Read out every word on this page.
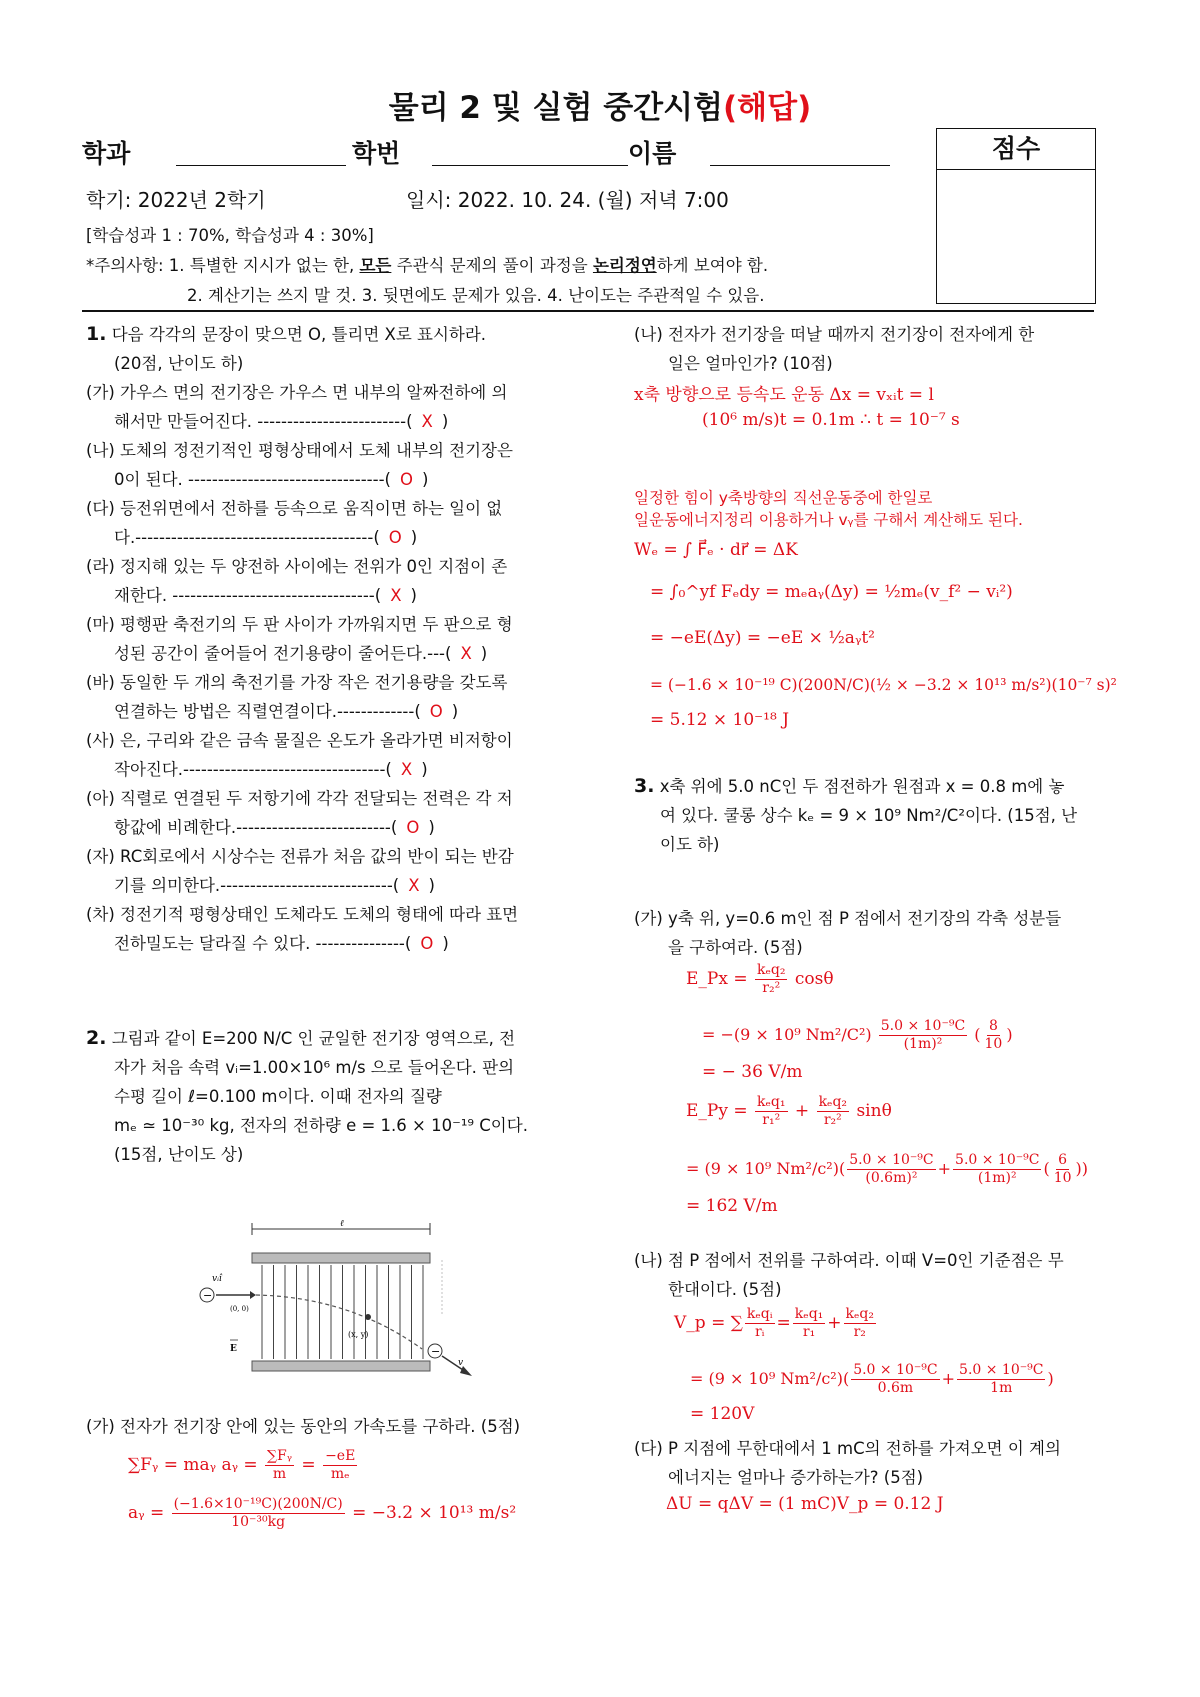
물리 2 및 실험 중간시험(해답)
학과	학번	이름	점수
학기: 2022년 2학기	일시: 2022. 10. 24. (월) 저녁 7:00
[학습성과 1 : 70%, 학습성과 4 : 30%]
*주의사항: 1. 특별한 지시가 없는 한, 모든 주관식 문제의 풀이 과정을 논리정연하게 보여야 함.
2. 계산기는 쓰지 말 것. 3. 뒷면에도 문제가 있음. 4. 난이도는 주관적일 수 있음.
1. 다음 각각의 문장이 맞으면 O, 틀리면 X로 표시하라.
(20점, 난이도 하)
(가) 가우스 면의 전기장은 가우스 면 내부의 알짜전하에 의
해서만 만들어진다. -------------------------( X )
(나) 도체의 정전기적인 평형상태에서 도체 내부의 전기장은
0이 된다. ---------------------------------( O )
(다) 등전위면에서 전하를 등속으로 움직이면 하는 일이 없
다.----------------------------------------( O )
(라) 정지해 있는 두 양전하 사이에는 전위가 0인 지점이 존
재한다. ----------------------------------( X )
(마) 평행판 축전기의 두 판 사이가 가까워지면 두 판으로 형
성된 공간이 줄어들어 전기용량이 줄어든다.---( X )
(바) 동일한 두 개의 축전기를 가장 작은 전기용량을 갖도록
연결하는 방법은 직렬연결이다.-------------( O )
(사) 은, 구리와 같은 금속 물질은 온도가 올라가면 비저항이
작아진다.----------------------------------( X )
(아) 직렬로 연결된 두 저항기에 각각 전달되는 전력은 각 저
항값에 비례한다.--------------------------( O )
(자) RC회로에서 시상수는 전류가 처음 값의 반이 되는 반감
기를 의미한다.-----------------------------( X )
(차) 정전기적 평형상태인 도체라도 도체의 형태에 따라 표면
전하밀도는 달라질 수 있다. ---------------( O )
2. 그림과 같이 E=200 N/C 인 균일한 전기장 영역으로, 전
자가 처음 속력 vᵢ=1.00×10⁶ m/s 으로 들어온다. 판의
수평 길이 ℓ=0.100 m이다. 이때 전자의 질량
mₑ ≃ 10⁻³⁰ kg, 전자의 전하량 e = 1.6 × 10⁻¹⁹ C이다.
(15점, 난이도 상)
ℓ
−
vᵢî
(0, 0)
(x, y)
−
v
E
(가) 전자가 전기장 안에 있는 동안의 가속도를 구하라. (5점)
∑Fᵧ = maᵧ aᵧ = $\frac{\text{∑Fᵧ}}{m} = \frac{-eE}{\text{mₑ}}$
aᵧ = $\frac{\text{(−1.6×10⁻¹⁹C)(200N/C)}}{\text{10⁻³⁰kg}} = -3.2 \times 10^{13}$ m/s²
(나) 전자가 전기장을 떠날 때까지 전기장이 전자에게 한
일은 얼마인가? (10점)
x축 방향으로 등속도 운동 Δx = vₓᵢt = l
(10⁶ m/s)t = 0.1m ∴ t = 10⁻⁷ s
일정한 힘이 y축방향의 직선운동중에 한일로
일운동에너지정리 이용하거나 vᵧ를 구해서 계산해도 된다.
Wₑ = ∫ F⃗ₑ · dr⃗ = ΔK
= ∫₀^yf Fₑdy = mₑaᵧ(Δy) = ½mₑ(v_f² − vᵢ²)
= −eE(Δy) = −eE × ½aᵧt²
= (−1.6 × 10⁻¹⁹ C)(200N/C)(½ × −3.2 × 10¹³ m/s²)(10⁻⁷ s)²
= 5.12 × 10⁻¹⁸ J
3. x축 위에 5.0 nC인 두 점전하가 원점과 x = 0.8 m에 놓
여 있다. 쿨롱 상수 kₑ = 9 × 10⁹ Nm²/C²이다. (15점, 난
이도 하)
(가) y축 위, y=0.6 m인 점 P 점에서 전기장의 각축 성분들
을 구하여라. (5점)
E_Px = $\frac{\text{kₑq₂}}{\text{r₂²}}$ cosθ
= −(9 × 10⁹ $Nm^2/C^2) \frac{\text{5.0 × 10⁻⁹C}}{\text{(1m)²}}$ ( $\frac{8}{10}$ )
= − 36 V/m
E_Py = $\frac{\text{kₑq₁}}{\text{r₁²}} + \frac{\text{kₑq₂}}{\text{r₂²}}$ sinθ
= (9 × 10⁹ $Nm^2/c^2)( \frac{\text{5.0 × 10⁻⁹C}}{\text{(0.6m)²}} + \frac{\text{5.0 × 10⁻⁹C}}{\text{(1m)²}}$ ( $\frac{6}{10}$ ))
= 162 V/m
(나) 점 P 점에서 전위를 구하여라. 이때 V=0인 기준점은 무
한대이다. (5점)
V_p = ∑ $\frac{\text{kₑqᵢ}}{\text{rᵢ}} = \frac{\text{kₑq₁}}{\text{r₁}} + \frac{\text{kₑq₂}}{\text{r₂}}$
= (9 × 10⁹ $Nm^2/c^2)( \frac{\text{5.0 × 10⁻⁹C}}{0.6m} + \frac{\text{5.0 × 10⁻⁹C}}{1m}$ )
= 120V
(다) P 지점에 무한대에서 1 mC의 전하를 가져오면 이 계의
에너지는 얼마나 증가하는가? (5점)
ΔU = qΔV = (1 mC)V_p = 0.12 J
